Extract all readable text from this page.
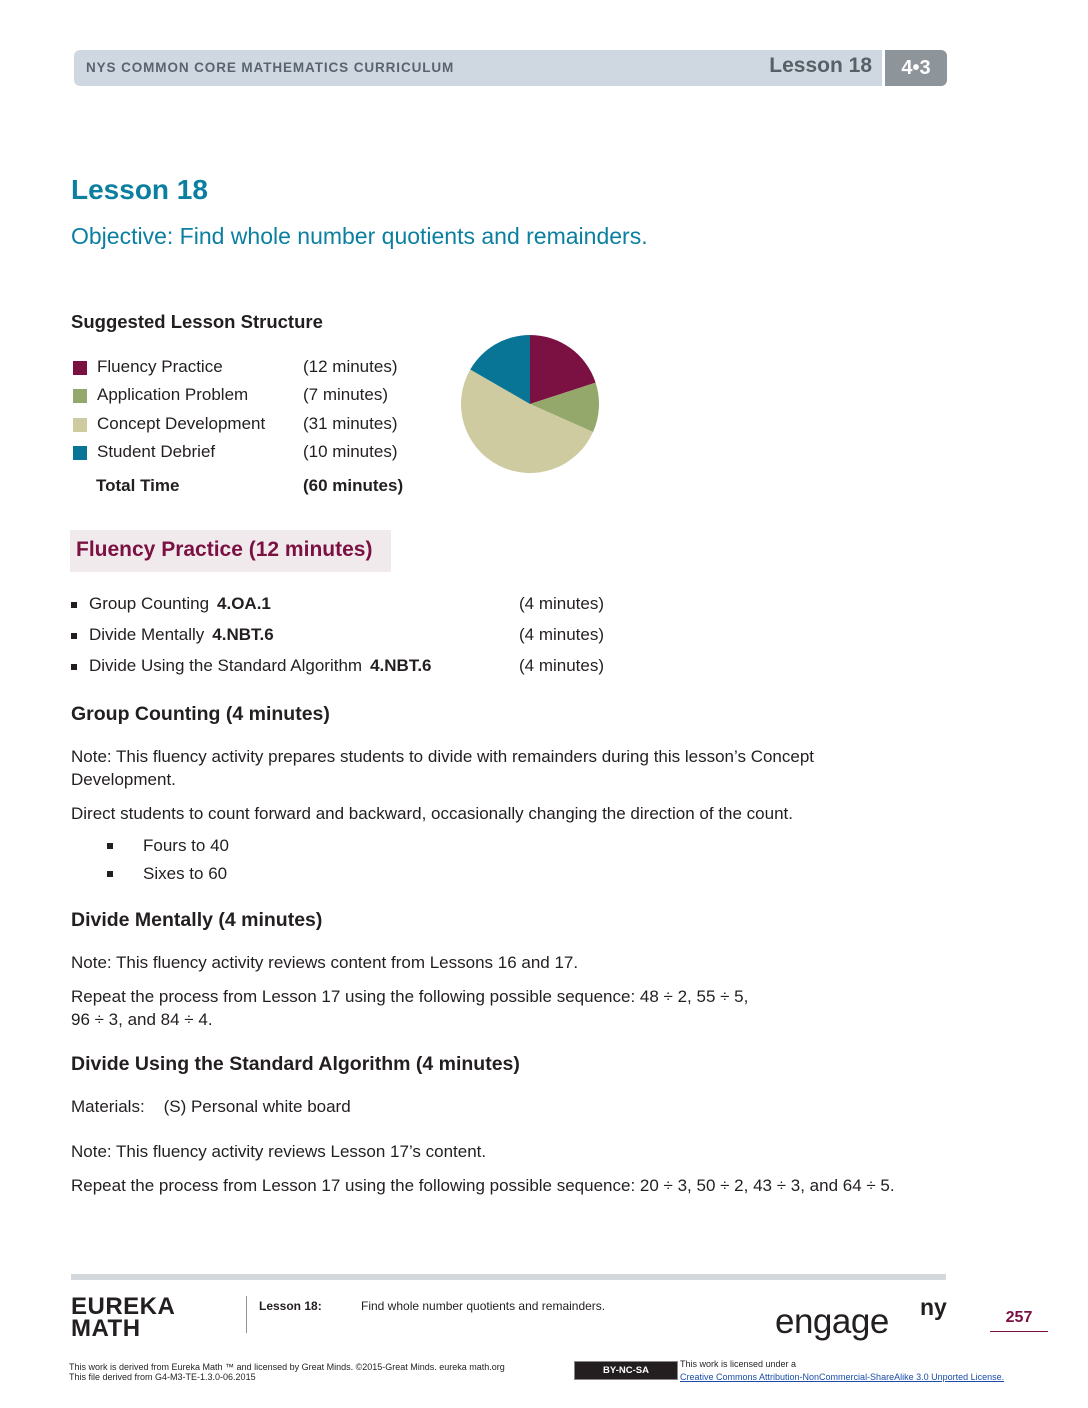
NYS COMMON CORE MATHEMATICS CURRICULUM	Lesson 18	4•3
Lesson 18
Objective: Find whole number quotients and remainders.
Suggested Lesson Structure
Fluency Practice	(12 minutes)
Application Problem	(7 minutes)
Concept Development (31 minutes)
Student Debrief	(10 minutes)
Total Time	(60 minutes)
Fluency Practice (12 minutes)
Group Counting 4.OA.1	(4 minutes)
Divide Mentally 4.NBT.6	(4 minutes)
Divide Using the Standard Algorithm 4.NBT.6	(4 minutes)
Group Counting (4 minutes)
Note: This fluency activity prepares students to divide with remainders during this lesson’s Concept
Development.
Direct students to count forward and backward, occasionally changing the direction of the count.
Fours to 40
Sixes to 60
Divide Mentally (4 minutes)
Note: This fluency activity reviews content from Lessons 16 and 17.
Repeat the process from Lesson 17 using the following possible sequence: 48 ÷ 2, 55 ÷ 5,
96 ÷ 3, and 84 ÷ 4.
Divide Using the Standard Algorithm (4 minutes)
Materials:    (S) Personal white board
Note: This fluency activity reviews Lesson 17’s content.
Repeat the process from Lesson 17 using the following possible sequence: 20 ÷ 3, 50 ÷ 2, 43 ÷ 3, and 64 ÷ 5.
EUREKA
MATH
Lesson 18:	Find whole number quotients and remainders.	engage ny	257
This work is derived from Eureka Math ™ and licensed by Great Minds. ©2015-Great Minds. eureka math.org
This file derived from G4-M3-TE-1.3.0-06.2015
BY-NC-SA
This work is licensed under a
Creative Commons Attribution-NonCommercial-ShareAlike 3.0 Unported License.
